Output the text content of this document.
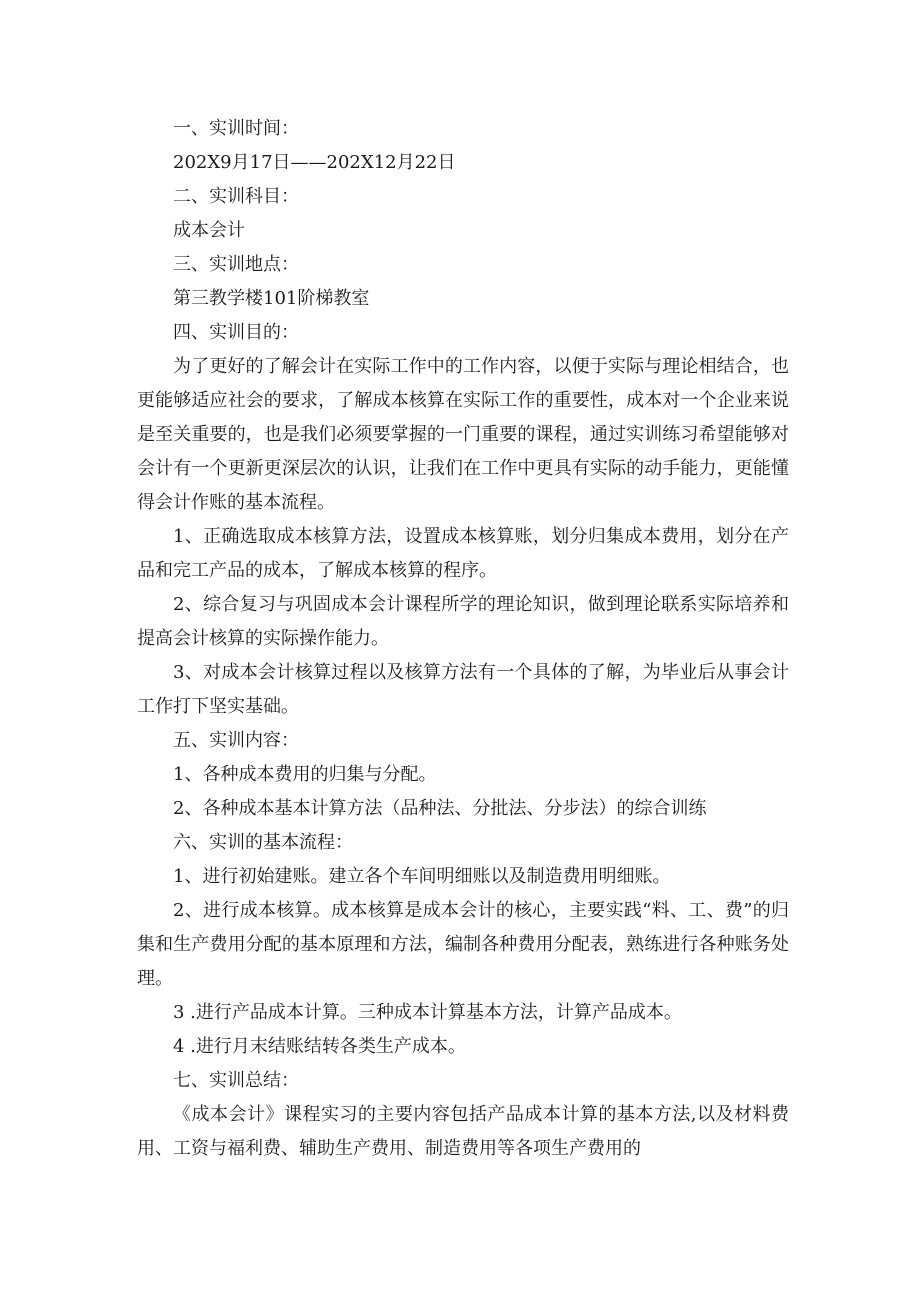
一、实训时间：

202X9月17日——202X12月22日

二、实训科目：

成本会计

三、实训地点：

第三教学楼101阶梯教室

四、实训目的：

为了更好的了解会计在实际工作中的工作内容，以便于实际与理论相结合，也更能够适应社会的要求，了解成本核算在实际工作的重要性，成本对一个企业来说是至关重要的，也是我们必须要掌握的一门重要的课程，通过实训练习希望能够对会计有一个更新更深层次的认识，让我们在工作中更具有实际的动手能力，更能懂得会计作账的基本流程。

1、正确选取成本核算方法，设置成本核算账，划分归集成本费用，划分在产品和完工产品的成本，了解成本核算的程序。

2、综合复习与巩固成本会计课程所学的理论知识，做到理论联系实际培养和提高会计核算的实际操作能力。

3、对成本会计核算过程以及核算方法有一个具体的了解，为毕业后从事会计工作打下坚实基础。

五、实训内容：

1、各种成本费用的归集与分配。

2、各种成本基本计算方法（品种法、分批法、分步法）的综合训练

六、实训的基本流程：

1、进行初始建账。建立各个车间明细账以及制造费用明细账。

2、进行成本核算。成本核算是成本会计的核心，主要实践“料、工、费”的归集和生产费用分配的基本原理和方法，编制各种费用分配表，熟练进行各种账务处理。

3 .进行产品成本计算。三种成本计算基本方法，计算产品成本。

4 .进行月末结账结转各类生产成本。

七、实训总结：

《成本会计》课程实习的主要内容包括产品成本计算的基本方法,以及材料费用、工资与福利费、辅助生产费用、制造费用等各项生产费用的
